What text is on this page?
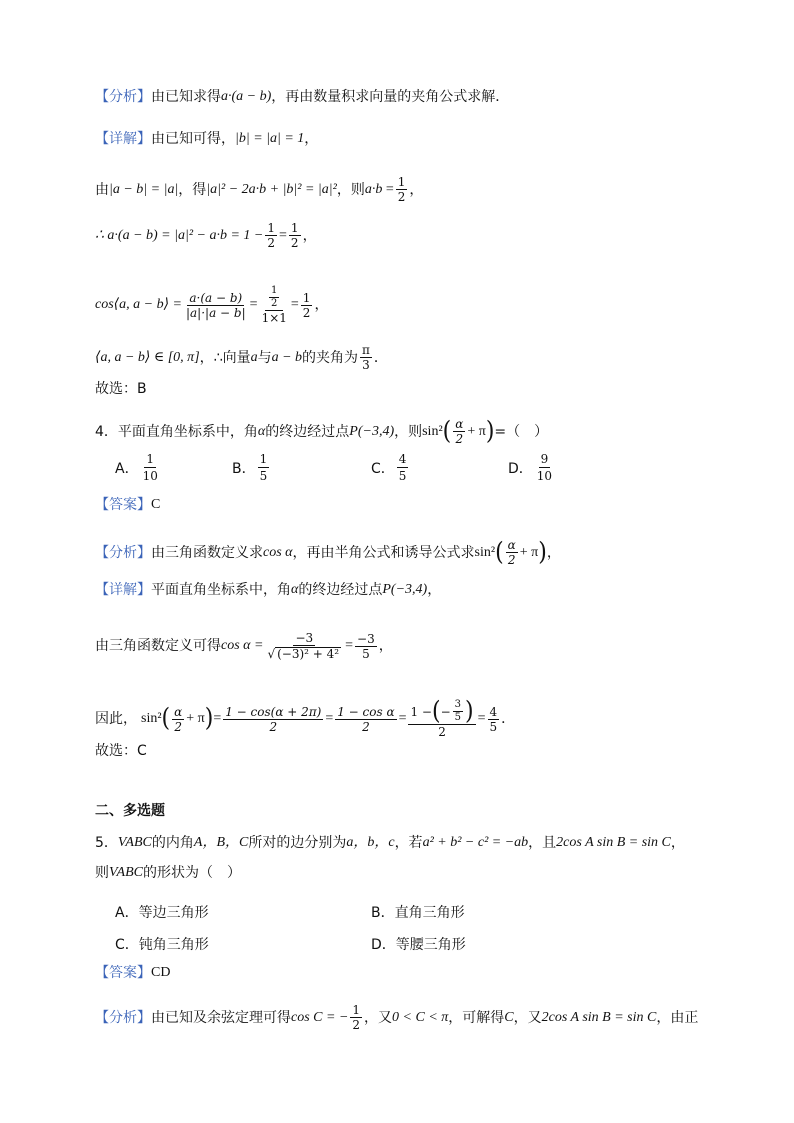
【分析】 由已知求得 a·(a − b) ，再由数量积求向量的夹角公式求解．
【详解】 由已知可得， |b| = |a| = 1 ，
由 |a − b| = |a| ，得 |a|² − 2a·b + |b|² = |a|² ，则 $a\cdot b = \frac{1}{2}$ ，
∴ $a\cdot(a - b) = |a|^2 - a\cdot b = 1 - \frac{1}{2} = \frac{1}{2}$ ，
cos⟨a, a − b⟩ = $\frac{a\cdot(a - b)}{|a|\cdot|a - b|} = \frac{\frac{1}{2}}{1\times 1} = \frac{1}{2}$ ，
⟨a, a − b⟩ ∈ [0, π] ，∴向量 a 与 a − b 的夹角为 $\frac{\pi}{3}$ ．
故选：B
4．平面直角坐标系中，角 α 的终边经过点 P(−3,4) ，则 sin² ( $\frac{\alpha}{2} + \pi$ ) =（　）
A． $\frac{1}{10}$	B． $\frac{1}{5}$	C． $\frac{4}{5}$	D． $\frac{9}{10}$
【答案】 C
【分析】 由三角函数定义求 cos α ，再由半角公式和诱导公式求 sin² ( $\frac{\alpha}{2} + \pi$ ) ，
【详解】 平面直角坐标系中，角 α 的终边经过点 P(−3,4) ，
由三角函数定义可得 $\cos \alpha = \frac{-3}{\text{√ (−3)² + 4²}} = \frac{-3}{5}$ ，
因此， sin² ( $\frac{\alpha}{2} + \pi$ ) = $\frac{1 - \cos(\alpha + 2\pi)}{2} = \frac{\text{1 − cos α}}{2} = \frac{1 - ( - \frac{3}{5} )}{2} = \frac{4}{5}$ ．
故选：C
二、多选题
5． VABC 的内角 A，B，C 所对的边分别为 a，b，c ，若 a² + b² − c² = −ab ，且 2cos A sin B = sin C ，
则 VABC 的形状为（　）
A． 等边三角形	B． 直角三角形
C． 钝角三角形	D． 等腰三角形
【答案】 CD
【分析】 由已知及余弦定理可得 cos C = − $\frac{1}{2}$ ，又 0 < C < π ，可解得 C ，又 2cos A sin B = sin C ，由正
